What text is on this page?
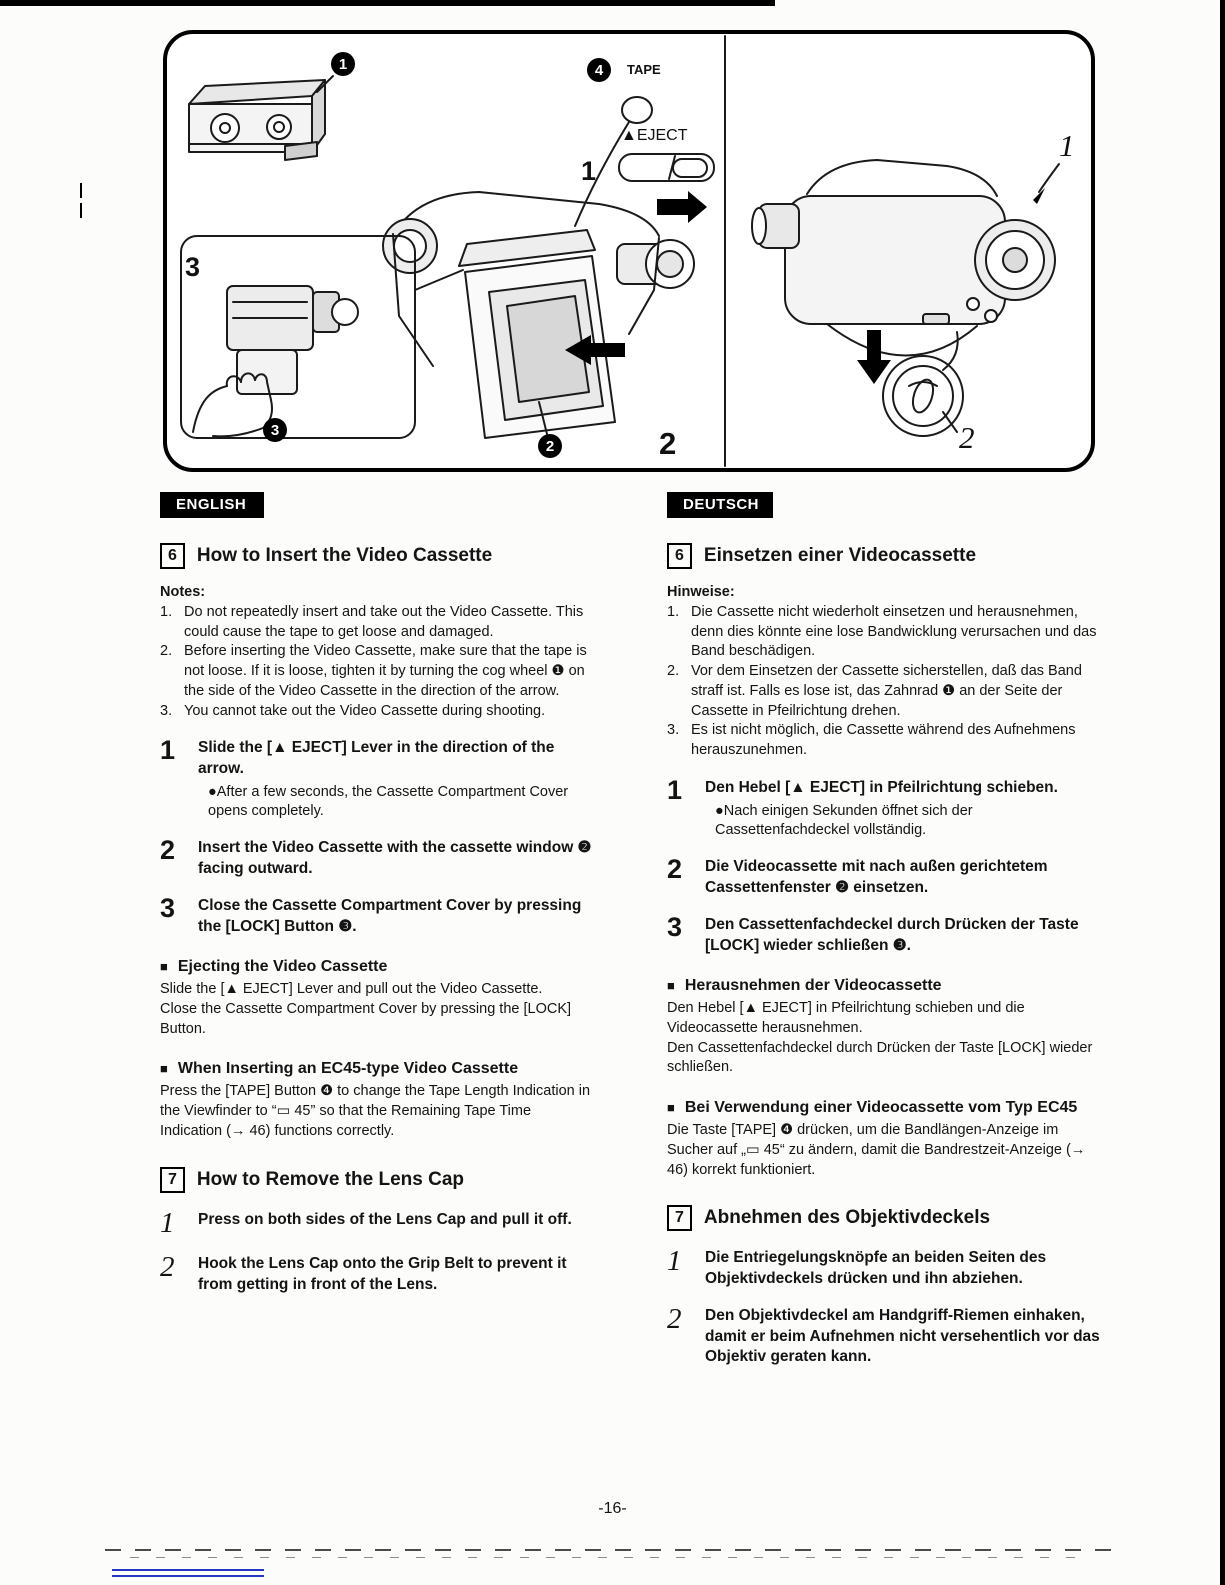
1	4 TAPE
▲EJECT
1
2
2
3
3
1
2
ENGLISH
6	How to Insert the Video Cassette
Notes:
1. Do not repeatedly insert and take out the Video Cassette. This could cause the tape to get loose and damaged.
2. Before inserting the Video Cassette, make sure that the tape is not loose. If it is loose, tighten it by turning the cog wheel ❶ on the side of the Video Cassette in the direction of the arrow.
3. You cannot take out the Video Cassette during shooting.
1	Slide the [▲ EJECT] Lever in the direction of the arrow.
●After a few seconds, the Cassette Compartment Cover opens completely.
2	Insert the Video Cassette with the cassette window ❷ facing outward.
3	Close the Cassette Compartment Cover by pressing the [LOCK] Button ❸.
■ Ejecting the Video Cassette

Slide the [▲ EJECT] Lever and pull out the Video Cassette.

Close the Cassette Compartment Cover by pressing the [LOCK] Button.

■ When Inserting an EC45-type Video Cassette

Press the [TAPE] Button ❹ to change the Tape Length Indication in the Viewfinder to “▭ 45” so that the Remaining Tape Time Indication (→ 46) functions correctly.

7	How to Remove the Lens Cap
1	Press on both sides of the Lens Cap and pull it off.
2	Hook the Lens Cap onto the Grip Belt to prevent it from getting in front of the Lens.
DEUTSCH
6	Einsetzen einer Videocassette
Hinweise:
1. Die Cassette nicht wiederholt einsetzen und herausnehmen, denn dies könnte eine lose Bandwicklung verursachen und das Band beschädigen.
2. Vor dem Einsetzen der Cassette sicherstellen, daß das Band straff ist. Falls es lose ist, das Zahnrad ❶ an der Seite der Cassette in Pfeilrichtung drehen.
3. Es ist nicht möglich, die Cassette während des Aufnehmens herauszunehmen.
1	Den Hebel [▲ EJECT] in Pfeilrichtung schieben.
●Nach einigen Sekunden öffnet sich der Cassettenfachdeckel vollständig.
2	Die Videocassette mit nach außen gerichtetem Cassettenfenster ❷ einsetzen.
3	Den Cassettenfachdeckel durch Drücken der Taste [LOCK] wieder schließen ❸.
■ Herausnehmen der Videocassette

Den Hebel [▲ EJECT] in Pfeilrichtung schieben und die Videocassette herausnehmen.

Den Cassettenfachdeckel durch Drücken der Taste [LOCK] wieder schließen.

■ Bei Verwendung einer Videocassette vom Typ EC45

Die Taste [TAPE] ❹ drücken, um die Bandlängen-Anzeige im Sucher auf „▭ 45“ zu ändern, damit die Bandrestzeit-Anzeige (→ 46) korrekt funktioniert.

7	Abnehmen des Objektivdeckels
1	Die Entriegelungsknöpfe an beiden Seiten des Objektivdeckels drücken und ihn abziehen.
2	Den Objektivdeckel am Handgriff-Riemen einhaken, damit er beim Aufnehmen nicht versehentlich vor das Objektiv geraten kann.
-16-
